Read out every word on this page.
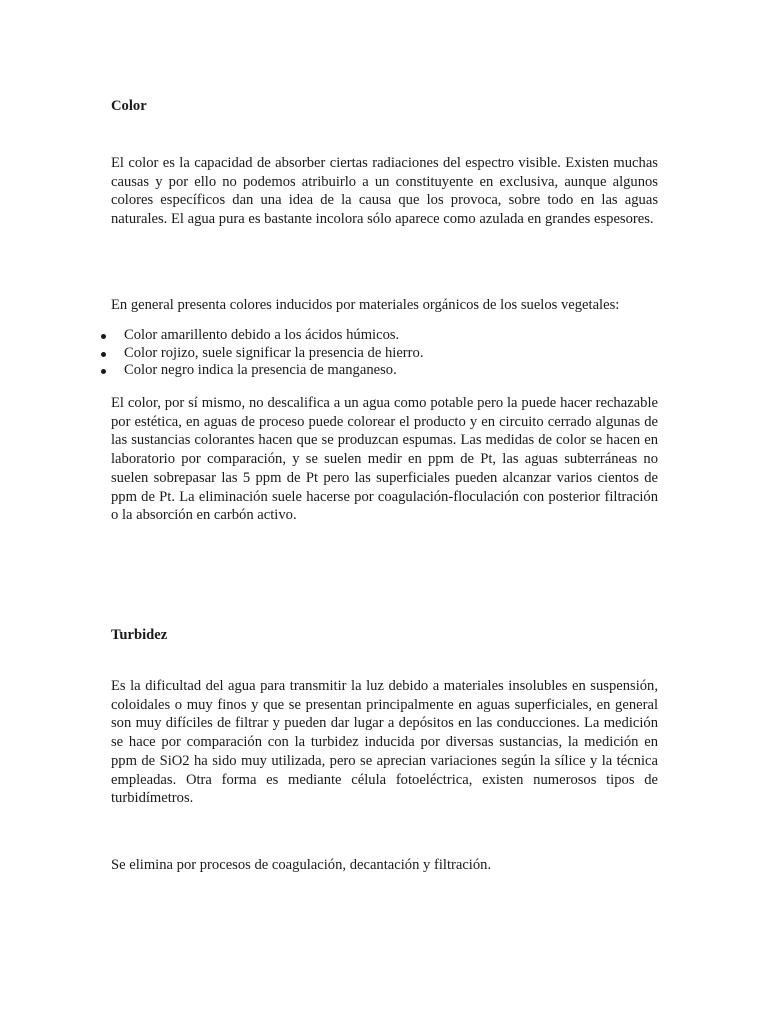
Color

El color es la capacidad de absorber ciertas radiaciones del espectro visible. Existen muchas causas y por ello no podemos atribuirlo a un constituyente en exclusiva, aunque algunos colores específicos dan una idea de la causa que los provoca, sobre todo en las aguas naturales. El agua pura es bastante incolora sólo aparece como azulada en grandes espesores.

En general presenta colores inducidos por materiales orgánicos de los suelos vegetales:

Color amarillento debido a los ácidos húmicos.
Color rojizo, suele significar la presencia de hierro.
Color negro indica la presencia de manganeso.

El color, por sí mismo, no descalifica a un agua como potable pero la puede hacer rechazable por estética, en aguas de proceso puede colorear el producto y en circuito cerrado algunas de las sustancias colorantes hacen que se produzcan espumas. Las medidas de color se hacen en laboratorio por comparación, y se suelen medir en ppm de Pt, las aguas subterráneas no suelen sobrepasar las 5 ppm de Pt pero las superficiales pueden alcanzar varios cientos de ppm de Pt. La eliminación suele hacerse por coagulación-floculación con posterior filtración o la absorción en carbón activo.

Turbidez

Es la dificultad del agua para transmitir la luz debido a materiales insolubles en suspensión, coloidales o muy finos y que se presentan principalmente en aguas superficiales, en general son muy difíciles de filtrar y pueden dar lugar a depósitos en las conducciones. La medición se hace por comparación con la turbidez inducida por diversas sustancias, la medición en ppm de SiO2 ha sido muy utilizada, pero se aprecian variaciones según la sílice y la técnica empleadas. Otra forma es mediante célula fotoeléctrica, existen numerosos tipos de turbidímetros.

Se elimina por procesos de coagulación, decantación y filtración.
